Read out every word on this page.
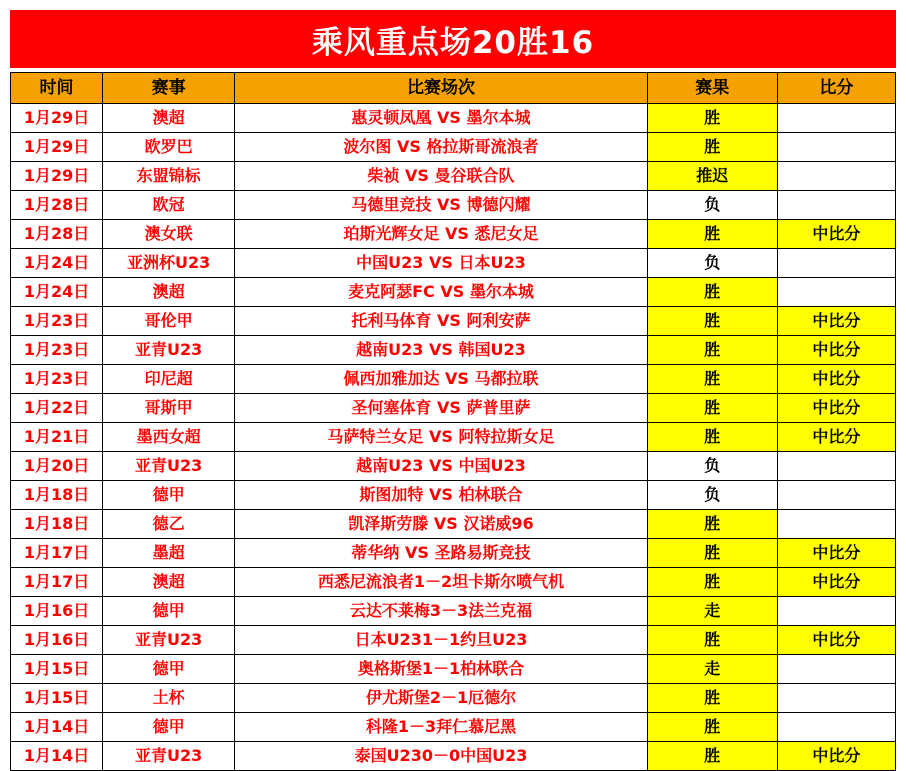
乘风重点场20胜16
时间	赛事	比赛场次	赛果	比分
1月29日	澳超	惠灵顿凤凰 VS 墨尔本城	胜	
1月29日	欧罗巴	波尔图 VS 格拉斯哥流浪者	胜	
1月29日	东盟锦标	柴祯 VS 曼谷联合队	推迟	
1月28日	欧冠	马德里竞技 VS 博德闪耀	负	
1月28日	澳女联	珀斯光辉女足 VS 悉尼女足	胜	中比分
1月24日	亚洲杯U23	中国U23 VS 日本U23	负	
1月24日	澳超	麦克阿瑟FC VS 墨尔本城	胜	
1月23日	哥伦甲	托利马体育 VS 阿利安萨	胜	中比分
1月23日	亚青U23	越南U23 VS 韩国U23	胜	中比分
1月23日	印尼超	佩西加雅加达 VS 马都拉联	胜	中比分
1月22日	哥斯甲	圣何塞体育 VS 萨普里萨	胜	中比分
1月21日	墨西女超	马萨特兰女足 VS 阿特拉斯女足	胜	中比分
1月20日	亚青U23	越南U23 VS 中国U23	负	
1月18日	德甲	斯图加特 VS 柏林联合	负	
1月18日	德乙	凯泽斯劳滕 VS 汉诺威96	胜	
1月17日	墨超	蒂华纳 VS 圣路易斯竞技	胜	中比分
1月17日	澳超	西悉尼流浪者1－2坦卡斯尔喷气机	胜	中比分
1月16日	德甲	云达不莱梅3－3法兰克福	走	
1月16日	亚青U23	日本U231－1约旦U23	胜	中比分
1月15日	德甲	奥格斯堡1－1柏林联合	走	
1月15日	土杯	伊尤斯堡2－1厄德尔	胜	
1月14日	德甲	科隆1－3拜仁慕尼黑	胜	
1月14日	亚青U23	泰国U230－0中国U23	胜	中比分
